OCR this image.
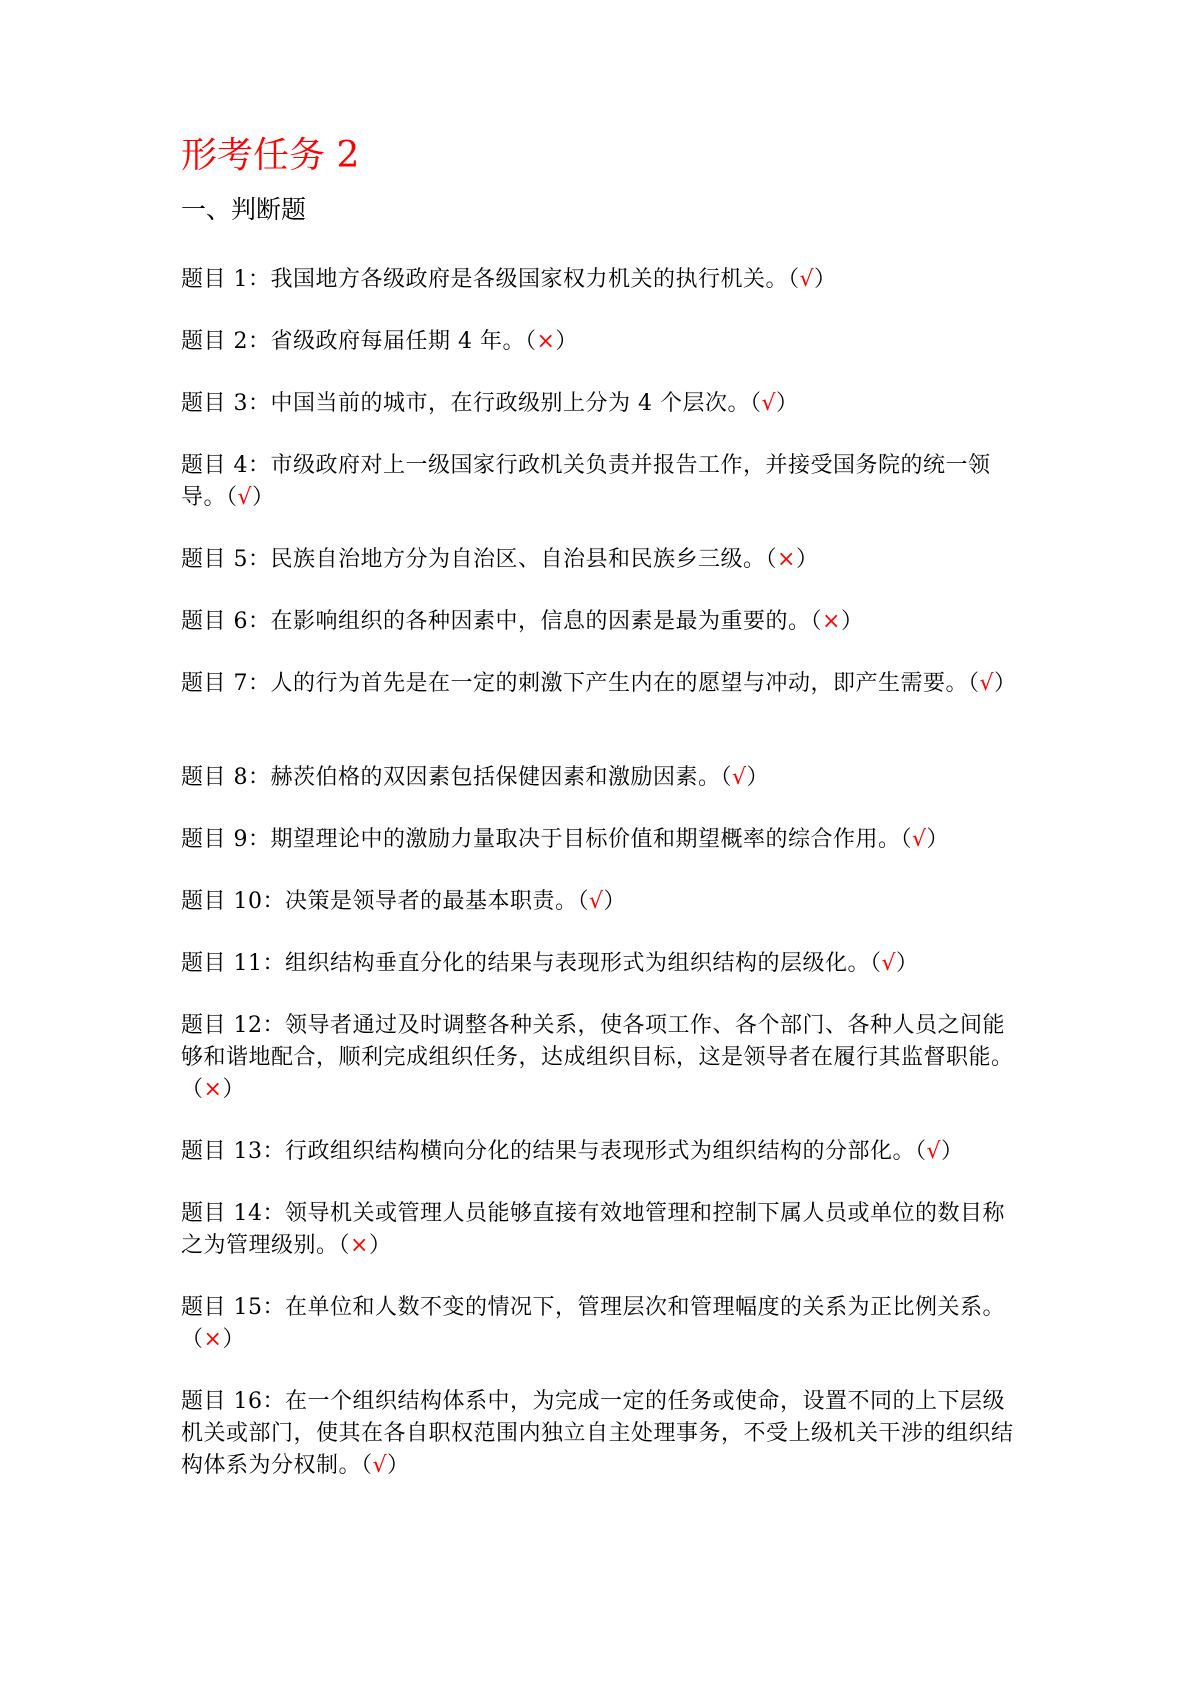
形考任务 2
一、判断题
题目 1：我国地方各级政府是各级国家权力机关的执行机关。（√）
题目 2：省级政府每届任期 4 年。（×）
题目 3：中国当前的城市，在行政级别上分为 4 个层次。（√）
题目 4：市级政府对上一级国家行政机关负责并报告工作，并接受国务院的统一领导。（√）
题目 5：民族自治地方分为自治区、自治县和民族乡三级。（×）
题目 6：在影响组织的各种因素中，信息的因素是最为重要的。（×）
题目 7：人的行为首先是在一定的刺激下产生内在的愿望与冲动，即产生需要。（√）
题目 8：赫茨伯格的双因素包括保健因素和激励因素。（√）
题目 9：期望理论中的激励力量取决于目标价值和期望概率的综合作用。（√）
题目 10：决策是领导者的最基本职责。（√）
题目 11：组织结构垂直分化的结果与表现形式为组织结构的层级化。（√）
题目 12：领导者通过及时调整各种关系，使各项工作、各个部门、各种人员之间能够和谐地配合，顺利完成组织任务，达成组织目标，这是领导者在履行其监督职能。（×）
题目 13：行政组织结构横向分化的结果与表现形式为组织结构的分部化。（√）
题目 14：领导机关或管理人员能够直接有效地管理和控制下属人员或单位的数目称之为管理级别。（×）
题目 15：在单位和人数不变的情况下，管理层次和管理幅度的关系为正比例关系。（×）
题目 16：在一个组织结构体系中，为完成一定的任务或使命，设置不同的上下层级机关或部门，使其在各自职权范围内独立自主处理事务，不受上级机关干涉的组织结构体系为分权制。（√）
